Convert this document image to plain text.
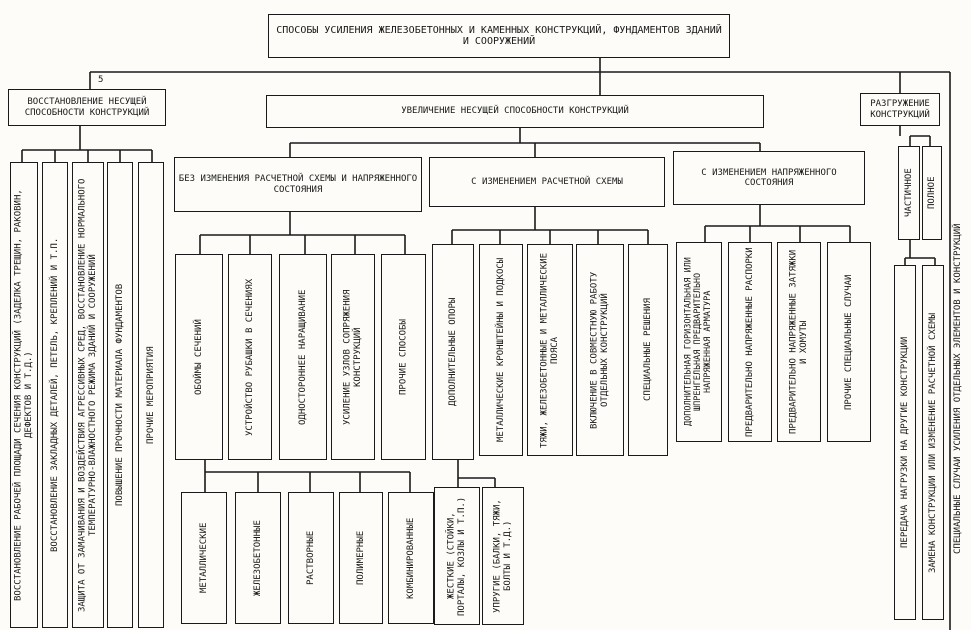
5
СПОСОБЫ УСИЛЕНИЯ ЖЕЛЕЗОБЕТОННЫХ И КАМЕННЫХ КОНСТРУКЦИЙ, ФУНДАМЕНТОВ ЗДАНИЙ И СООРУЖЕНИЙ
ВОССТАНОВЛЕНИЕ НЕСУЩЕЙ СПОСОБНОСТИ КОНСТРУКЦИЙ
ВОССТАНОВЛЕНИЕ РАБОЧЕЙ ПЛОЩАДИ СЕЧЕНИЯ КОНСТРУКЦИЙ (ЗАДЕЛКА ТРЕЩИН, РАКОВИН, ДЕФЕКТОВ И Т.Д.) ВОССТАНОВЛЕНИЕ ЗАКЛАДНЫХ ДЕТАЛЕЙ, ПЕТЕЛЬ, КРЕПЛЕНИЙ И Т.П. ЗАЩИТА ОТ ЗАМАЧИВАНИЯ И ВОЗДЕЙСТВИЯ АГРЕССИВНЫХ СРЕД, ВОССТАНОВЛЕНИЕ НОРМАЛЬНОГО ТЕМПЕРАТУРНО-ВЛАЖНОСТНОГО РЕЖИМА ЗДАНИЙ И СООРУЖЕНИЙ ПОВЫШЕНИЕ ПРОЧНОСТИ МАТЕРИАЛА ФУНДАМЕНТОВ ПРОЧИЕ МЕРОПРИЯТИЯ
УВЕЛИЧЕНИЕ НЕСУЩЕЙ СПОСОБНОСТИ КОНСТРУКЦИЙ
БЕЗ ИЗМЕНЕНИЯ РАСЧЕТНОЙ СХЕМЫ И НАПРЯЖЕННОГО СОСТОЯНИЯ
С ИЗМЕНЕНИЕМ РАСЧЕТНОЙ СХЕМЫ
С ИЗМЕНЕНИЕМ НАПРЯЖЕННОГО СОСТОЯНИЯ
ОБОЙМЫ СЕЧЕНИЙ	УСТРОЙСТВО РУБАШКИ В СЕЧЕНИЯХ	ОДНОСТОРОННЕЕ НАРАЩИВАНИЕ	УСИЛЕНИЕ УЗЛОВ СОПРЯЖЕНИЯ КОНСТРУКЦИЙ	ПРОЧИЕ СПОСОБЫ
МЕТАЛЛИЧЕСКИЕ	ЖЕЛЕЗОБЕТОННЫЕ	РАСТВОРНЫЕ	ПОЛИМЕРНЫЕ	КОМБИНИРОВАННЫЕ
ДОПОЛНИТЕЛЬНЫЕ ОПОРЫ	МЕТАЛЛИЧЕСКИЕ КРОНШТЕЙНЫ И ПОДКОСЫ	ТЯЖИ, ЖЕЛЕЗОБЕТОННЫЕ И МЕТАЛЛИЧЕСКИЕ ПОЯСА	ВКЛЮЧЕНИЕ В СОВМЕСТНУЮ РАБОТУ ОТДЕЛЬНЫХ КОНСТРУКЦИЙ	СПЕЦИАЛЬНЫЕ РЕШЕНИЯ
ЖЕСТКИЕ (СТОЙКИ, ПОРТАЛЫ, КОЗЛЫ И Т.П.)	УПРУГИЕ (БАЛКИ, ТЯЖИ, БОЛТЫ И Т.Д.)
ДОПОЛНИТЕЛЬНАЯ ГОРИЗОНТАЛЬНАЯ ИЛИ ШПРЕНГЕЛЬНАЯ ПРЕДВАРИТЕЛЬНО НАПРЯЖЕННАЯ АРМАТУРА	ПРЕДВАРИТЕЛЬНО НАПРЯЖЕННЫЕ РАСПОРКИ	ПРЕДВАРИТЕЛЬНО НАПРЯЖЕННЫЕ ЗАТЯЖКИ И ХОМУТЫ	ПРОЧИЕ СПЕЦИАЛЬНЫЕ СЛУЧАИ
РАЗГРУЖЕНИЕ КОНСТРУКЦИЙ
ЧАСТИЧНОЕ ПОЛНОЕ
ПЕРЕДАЧА НАГРУЗКИ НА ДРУГИЕ КОНСТРУКЦИИ ЗАМЕНА КОНСТРУКЦИИ ИЛИ ИЗМЕНЕНИЕ РАСЧЕТНОЙ СХЕМЫ СПЕЦИАЛЬНЫЕ СЛУЧАИ УСИЛЕНИЯ ОТДЕЛЬНЫХ ЭЛЕМЕНТОВ И КОНСТРУКЦИЙ
